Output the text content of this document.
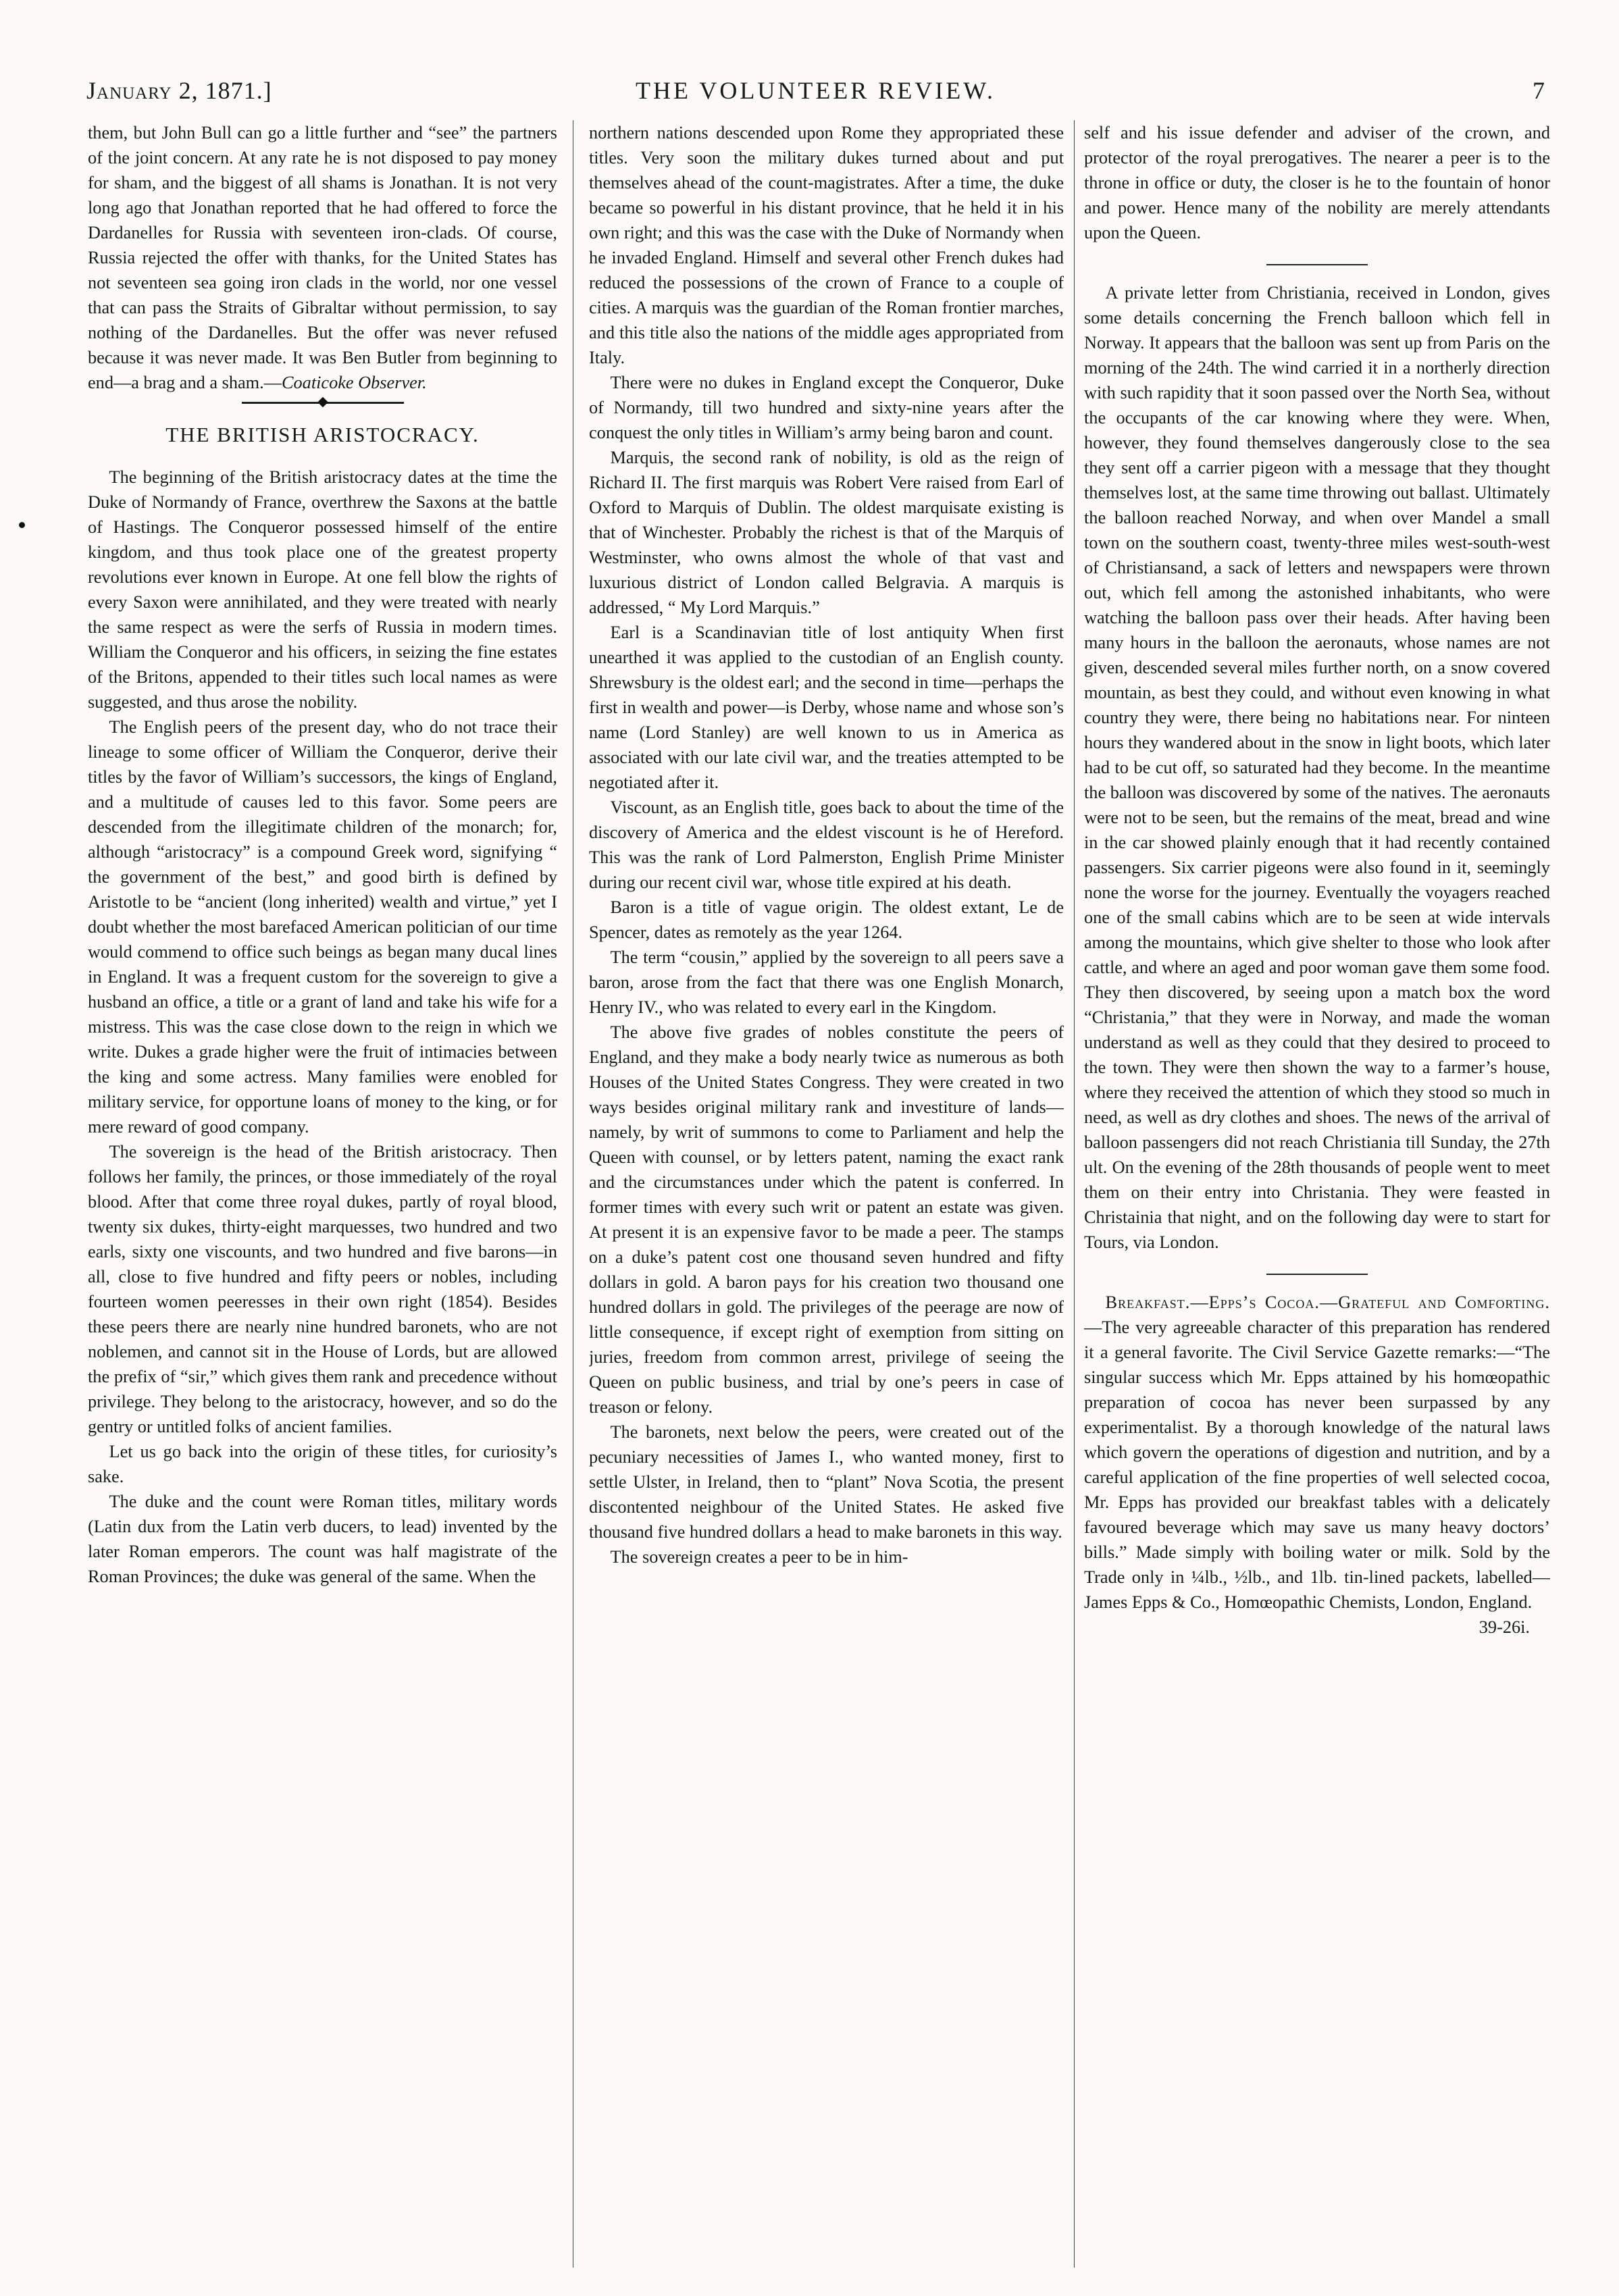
January 2, 1871.]	THE VOLUNTEER REVIEW.	7

them, but John Bull can go a little further and “see” the partners of the joint concern. At any rate he is not disposed to pay money for sham, and the biggest of all shams is Jonathan. It is not very long ago that Jonathan reported that he had offered to force the Dardanelles for Russia with seventeen iron-clads. Of course, Russia rejected the offer with thanks, for the United States has not seventeen sea going iron clads in the world, nor one vessel that can pass the Straits of Gibraltar without permission, to say nothing of the Dardanelles. But the offer was never refused because it was never made. It was Ben Butler from beginning to end—a brag and a sham.—Coaticoke Observer.

THE BRITISH ARISTOCRACY.

The beginning of the British aristocracy dates at the time the Duke of Normandy of France, overthrew the Saxons at the battle of Hastings. The Conqueror possessed himself of the entire kingdom, and thus took place one of the greatest property revolutions ever known in Europe. At one fell blow the rights of every Saxon were annihilated, and they were treated with nearly the same respect as were the serfs of Russia in modern times. William the Conqueror and his officers, in seizing the fine estates of the Britons, appended to their titles such local names as were suggested, and thus arose the nobility.

The English peers of the present day, who do not trace their lineage to some officer of William the Conqueror, derive their titles by the favor of William’s successors, the kings of England, and a multitude of causes led to this favor. Some peers are descended from the illegitimate children of the monarch; for, although “aristocracy” is a compound Greek word, signifying “ the government of the best,” and good birth is defined by Aristotle to be “ancient (long inherited) wealth and virtue,” yet I doubt whether the most barefaced American politician of our time would commend to office such beings as began many ducal lines in England. It was a frequent custom for the sovereign to give a husband an office, a title or a grant of land and take his wife for a mistress. This was the case close down to the reign in which we write. Dukes a grade higher were the fruit of intimacies between the king and some actress. Many families were enobled for military service, for opportune loans of money to the king, or for mere reward of good company.

The sovereign is the head of the British aristocracy. Then follows her family, the princes, or those immediately of the royal blood. After that come three royal dukes, partly of royal blood, twenty six dukes, thirty-eight marquesses, two hundred and two earls, sixty one viscounts, and two hundred and five barons—in all, close to five hundred and fifty peers or nobles, including fourteen women peeresses in their own right (1854). Besides these peers there are nearly nine hundred baronets, who are not noblemen, and cannot sit in the House of Lords, but are allowed the prefix of “sir,” which gives them rank and precedence without privilege. They belong to the aristocracy, however, and so do the gentry or untitled folks of ancient families.

Let us go back into the origin of these titles, for curiosity’s sake.

The duke and the count were Roman titles, military words (Latin dux from the Latin verb ducers, to lead) invented by the later Roman emperors. The count was half magistrate of the Roman Provinces; the duke was general of the same. When the

northern nations descended upon Rome they appropriated these titles. Very soon the military dukes turned about and put themselves ahead of the count-magistrates. After a time, the duke became so powerful in his distant province, that he held it in his own right; and this was the case with the Duke of Normandy when he invaded England. Himself and several other French dukes had reduced the possessions of the crown of France to a couple of cities. A marquis was the guardian of the Roman frontier marches, and this title also the nations of the middle ages appropriated from Italy.

There were no dukes in England except the Conqueror, Duke of Normandy, till two hundred and sixty-nine years after the conquest the only titles in William’s army being baron and count.

Marquis, the second rank of nobility, is old as the reign of Richard II. The first marquis was Robert Vere raised from Earl of Oxford to Marquis of Dublin. The oldest marquisate existing is that of Winchester. Probably the richest is that of the Marquis of Westminster, who owns almost the whole of that vast and luxurious district of London called Belgravia. A marquis is addressed, “ My Lord Marquis.”

Earl is a Scandinavian title of lost antiquity When first unearthed it was applied to the custodian of an English county. Shrewsbury is the oldest earl; and the second in time—perhaps the first in wealth and power—is Derby, whose name and whose son’s name (Lord Stanley) are well known to us in America as associated with our late civil war, and the treaties attempted to be negotiated after it.

Viscount, as an English title, goes back to about the time of the discovery of America and the eldest viscount is he of Hereford. This was the rank of Lord Palmerston, English Prime Minister during our recent civil war, whose title expired at his death.

Baron is a title of vague origin. The oldest extant, Le de Spencer, dates as remotely as the year 1264.

The term “cousin,” applied by the sovereign to all peers save a baron, arose from the fact that there was one English Monarch, Henry IV., who was related to every earl in the Kingdom.

The above five grades of nobles constitute the peers of England, and they make a body nearly twice as numerous as both Houses of the United States Congress. They were created in two ways besides original military rank and investiture of lands—namely, by writ of summons to come to Parliament and help the Queen with counsel, or by letters patent, naming the exact rank and the circumstances under which the patent is conferred. In former times with every such writ or patent an estate was given. At present it is an expensive favor to be made a peer. The stamps on a duke’s patent cost one thousand seven hundred and fifty dollars in gold. A baron pays for his creation two thousand one hundred dollars in gold. The privileges of the peerage are now of little consequence, if except right of exemption from sitting on juries, freedom from common arrest, privilege of seeing the Queen on public business, and trial by one’s peers in case of treason or felony.

The baronets, next below the peers, were created out of the pecuniary necessities of James I., who wanted money, first to settle Ulster, in Ireland, then to “plant” Nova Scotia, the present discontented neighbour of the United States. He asked five thousand five hundred dollars a head to make baronets in this way.

The sovereign creates a peer to be in him-

self and his issue defender and adviser of the crown, and protector of the royal prerogatives. The nearer a peer is to the throne in office or duty, the closer is he to the fountain of honor and power. Hence many of the nobility are merely attendants upon the Queen.

A private letter from Christiania, received in London, gives some details concerning the French balloon which fell in Norway. It appears that the balloon was sent up from Paris on the morning of the 24th. The wind carried it in a northerly direction with such rapidity that it soon passed over the North Sea, without the occupants of the car knowing where they were. When, however, they found themselves dangerously close to the sea they sent off a carrier pigeon with a message that they thought themselves lost, at the same time throwing out ballast. Ultimately the balloon reached Norway, and when over Mandel a small town on the southern coast, twenty-three miles west-south-west of Christiansand, a sack of letters and newspapers were thrown out, which fell among the astonished inhabitants, who were watching the balloon pass over their heads. After having been many hours in the balloon the aeronauts, whose names are not given, descended several miles further north, on a snow covered mountain, as best they could, and without even knowing in what country they were, there being no habitations near. For ninteen hours they wandered about in the snow in light boots, which later had to be cut off, so saturated had they become. In the meantime the balloon was discovered by some of the natives. The aeronauts were not to be seen, but the remains of the meat, bread and wine in the car showed plainly enough that it had recently contained passengers. Six carrier pigeons were also found in it, seemingly none the worse for the journey. Eventually the voyagers reached one of the small cabins which are to be seen at wide intervals among the mountains, which give shelter to those who look after cattle, and where an aged and poor woman gave them some food. They then discovered, by seeing upon a match box the word “Christania,” that they were in Norway, and made the woman understand as well as they could that they desired to proceed to the town. They were then shown the way to a farmer’s house, where they received the attention of which they stood so much in need, as well as dry clothes and shoes. The news of the arrival of balloon passengers did not reach Christiania till Sunday, the 27th ult. On the evening of the 28th thousands of people went to meet them on their entry into Christania. They were feasted in Christainia that night, and on the following day were to start for Tours, via London.

Breakfast.—Epps’s Cocoa.—Grateful and Comforting.—The very agreeable character of this preparation has rendered it a general favorite. The Civil Service Gazette remarks:—“The singular success which Mr. Epps attained by his homœopathic preparation of cocoa has never been surpassed by any experimentalist. By a thorough knowledge of the natural laws which govern the operations of digestion and nutrition, and by a careful application of the fine properties of well selected cocoa, Mr. Epps has provided our breakfast tables with a delicately favoured beverage which may save us many heavy doctors’ bills.” Made simply with boiling water or milk. Sold by the Trade only in ¼lb., ½lb., and 1lb. tin-lined packets, labelled—James Epps & Co., Homœopathic Chemists, London, England.

39-26i.
